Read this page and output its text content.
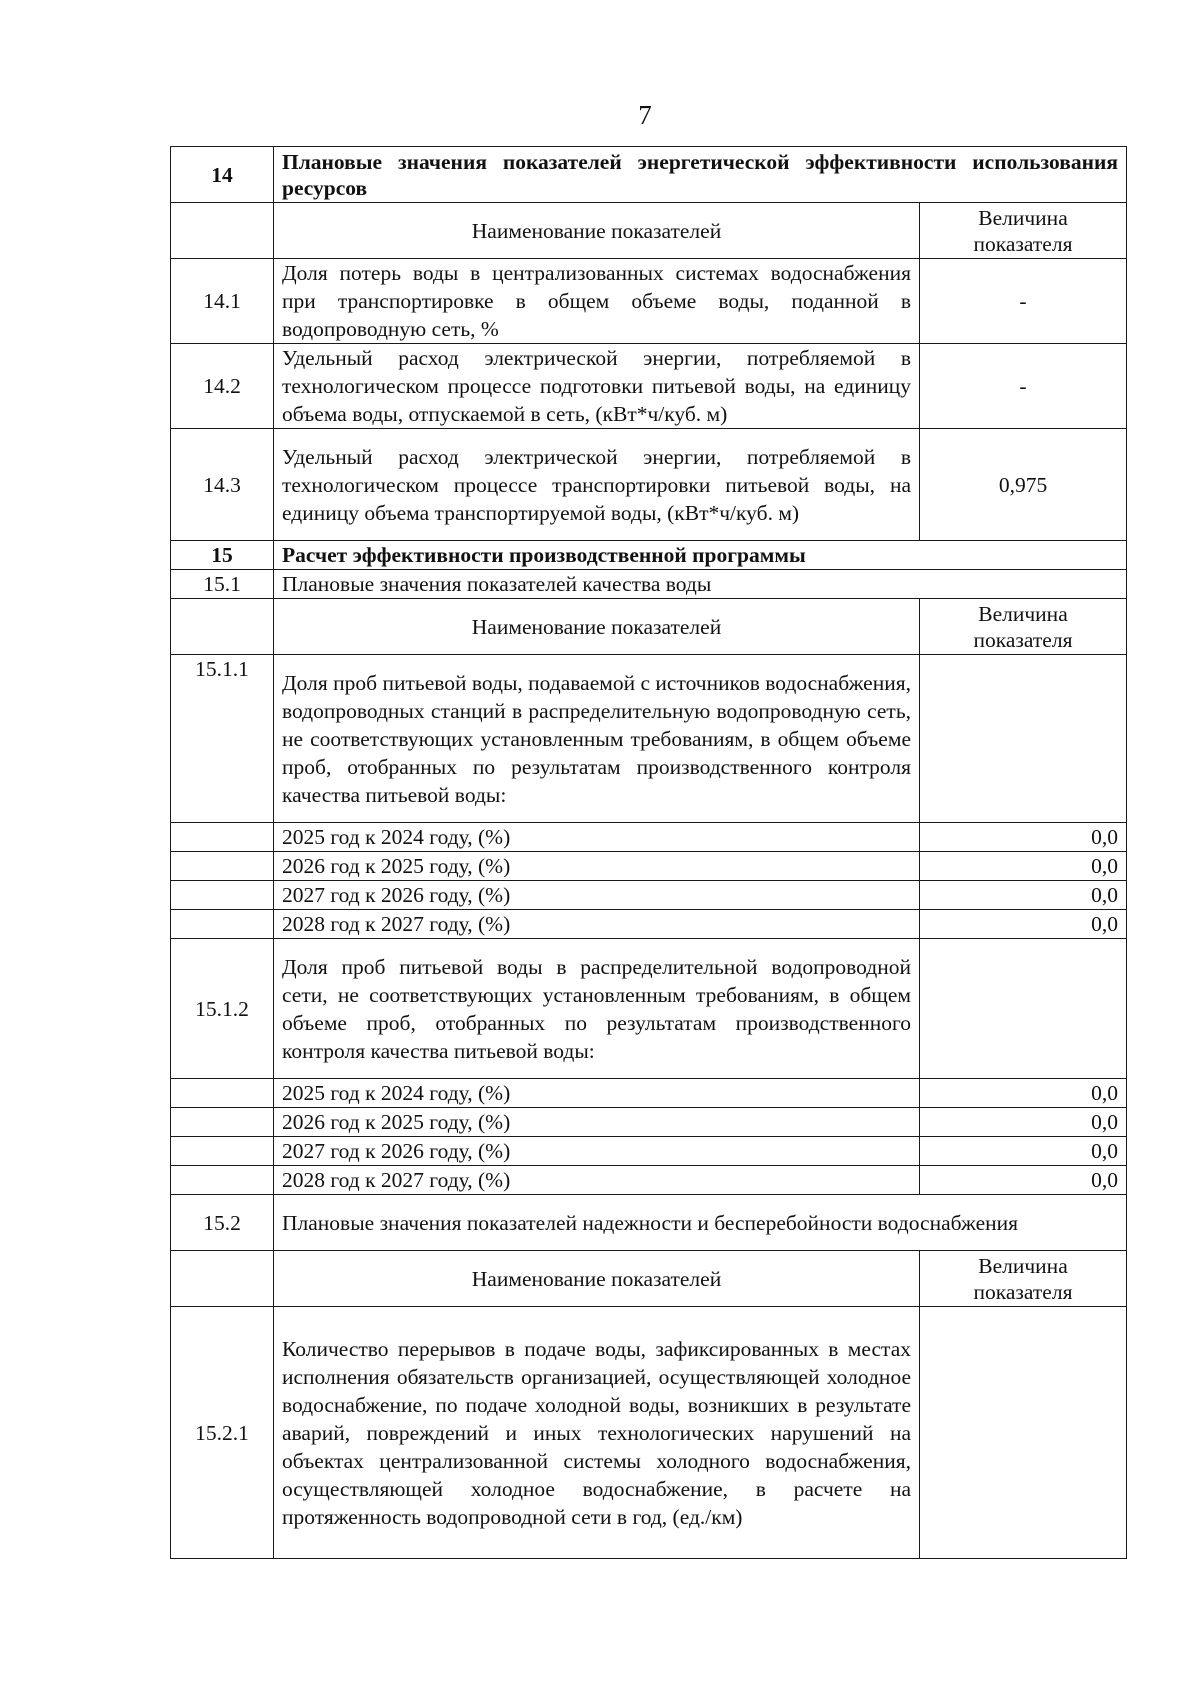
7
14	Плановые значения показателей энергетической эффективности использования ресурсов	
	Наименование показателей	Величина показателя
14.1	Доля потерь воды в централизованных системах водоснабжения при транспортировке в общем объеме воды, поданной в водопроводную сеть, %	-
14.2	Удельный расход электрической энергии, потребляемой в технологическом процессе подготовки питьевой воды, на единицу объема воды, отпускаемой в сеть, (кВт*ч/куб. м)	-
14.3	Удельный расход электрической энергии, потребляемой в технологическом процессе транспортировки питьевой воды, на единицу объема транспортируемой воды, (кВт*ч/куб. м)	0,975
15	Расчет эффективности производственной программы	
15.1	Плановые значения показателей качества воды	
	Наименование показателей	Величина показателя
15.1.1	Доля проб питьевой воды, подаваемой с источников водоснабжения, водопроводных станций в распределительную водопроводную сеть, не соответствующих установленным требованиям, в общем объеме проб, отобранных по результатам производственного контроля качества питьевой воды:	
	2025 год к 2024 году, (%)	0,0
	2026 год к 2025 году, (%)	0,0
	2027 год к 2026 году, (%)	0,0
	2028 год к 2027 году, (%)	0,0
15.1.2	Доля проб питьевой воды в распределительной водопроводной сети, не соответствующих установленным требованиям, в общем объеме проб, отобранных по результатам производственного контроля качества питьевой воды:	
	2025 год к 2024 году, (%)	0,0
	2026 год к 2025 году, (%)	0,0
	2027 год к 2026 году, (%)	0,0
	2028 год к 2027 году, (%)	0,0
15.2	Плановые значения показателей надежности и бесперебойности водоснабжения	
	Наименование показателей	Величина показателя
15.2.1	Количество перерывов в подаче воды, зафиксированных в местах исполнения обязательств организацией, осуществляющей холодное водоснабжение, по подаче холодной воды, возникших в результате аварий, повреждений и иных технологических нарушений на объектах централизованной системы холодного водоснабжения, осуществляющей холодное водоснабжение, в расчете на протяженность водопроводной сети в год, (ед./км)	
